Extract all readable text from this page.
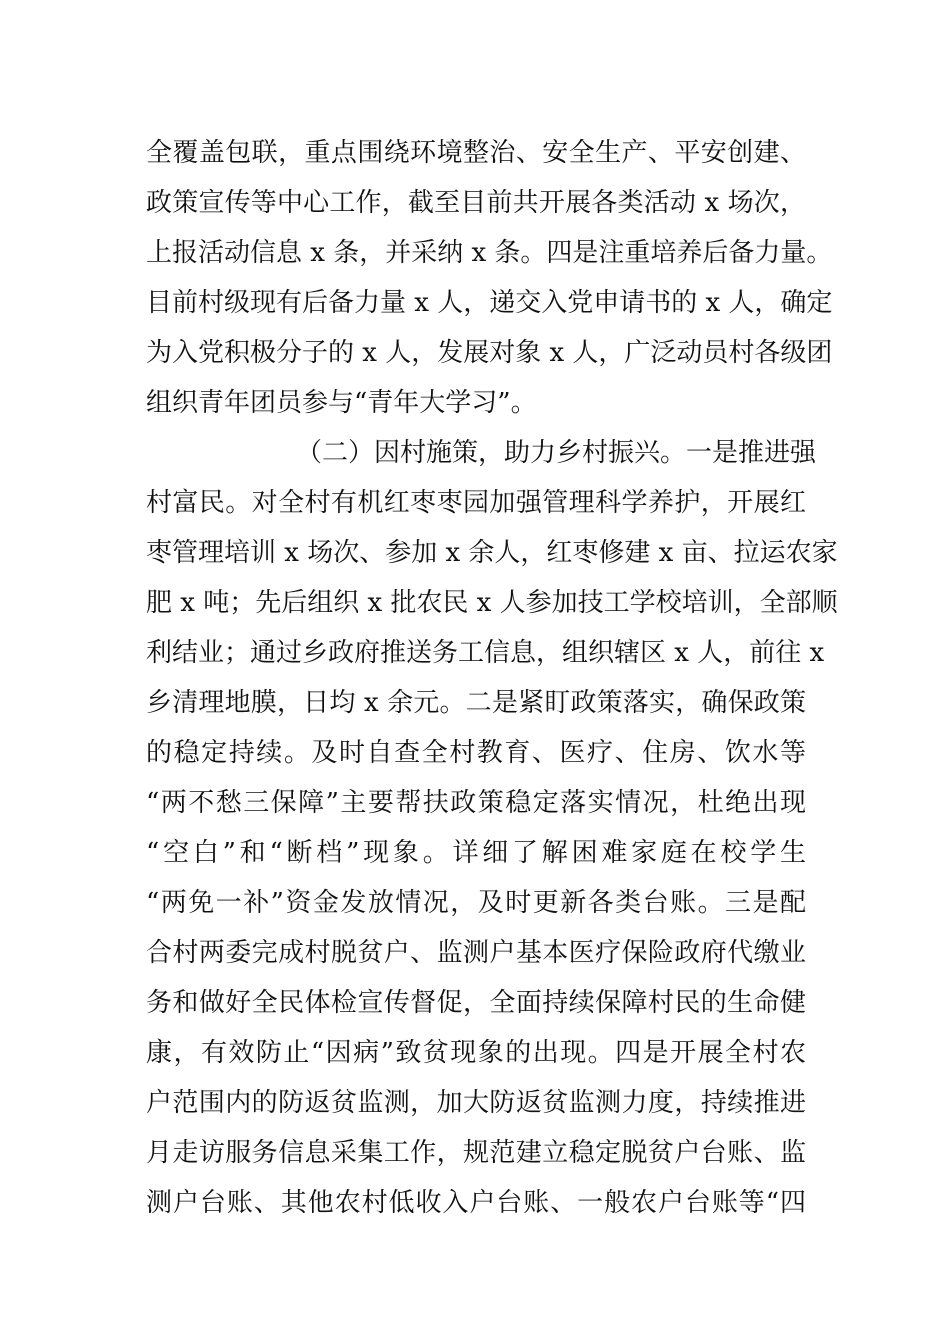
全覆盖包联，重点围绕环境整治、安全生产、平安创建、
政策宣传等中心工作，截至目前共开展各类活动 x 场次，
上报活动信息 x 条，并采纳 x 条。四是注重培养后备力量。
目前村级现有后备力量 x 人，递交入党申请书的 x 人，确定
为入党积极分子的 x 人，发展对象 x 人，广泛动员村各级团
组织青年团员参与“青年大学习”。
（二）因村施策，助力乡村振兴。一是推进强
村富民。对全村有机红枣枣园加强管理科学养护，开展红
枣管理培训 x 场次、参加 x 余人，红枣修建 x 亩、拉运农家
肥 x 吨；先后组织 x 批农民 x 人参加技工学校培训，全部顺
利结业；通过乡政府推送务工信息，组织辖区 x 人，前往 x
乡清理地膜，日均 x 余元。二是紧盯政策落实，确保政策
的稳定持续。及时自查全村教育、医疗、住房、饮水等
“两不愁三保障”主要帮扶政策稳定落实情况，杜绝出现
“空白”和“断档”现象。详细了解困难家庭在校学生
“两免一补”资金发放情况，及时更新各类台账。三是配
合村两委完成村脱贫户、监测户基本医疗保险政府代缴业
务和做好全民体检宣传督促，全面持续保障村民的生命健
康，有效防止“因病”致贫现象的出现。四是开展全村农
户范围内的防返贫监测，加大防返贫监测力度，持续推进
月走访服务信息采集工作，规范建立稳定脱贫户台账、监
测户台账、其他农村低收入户台账、一般农户台账等“四
